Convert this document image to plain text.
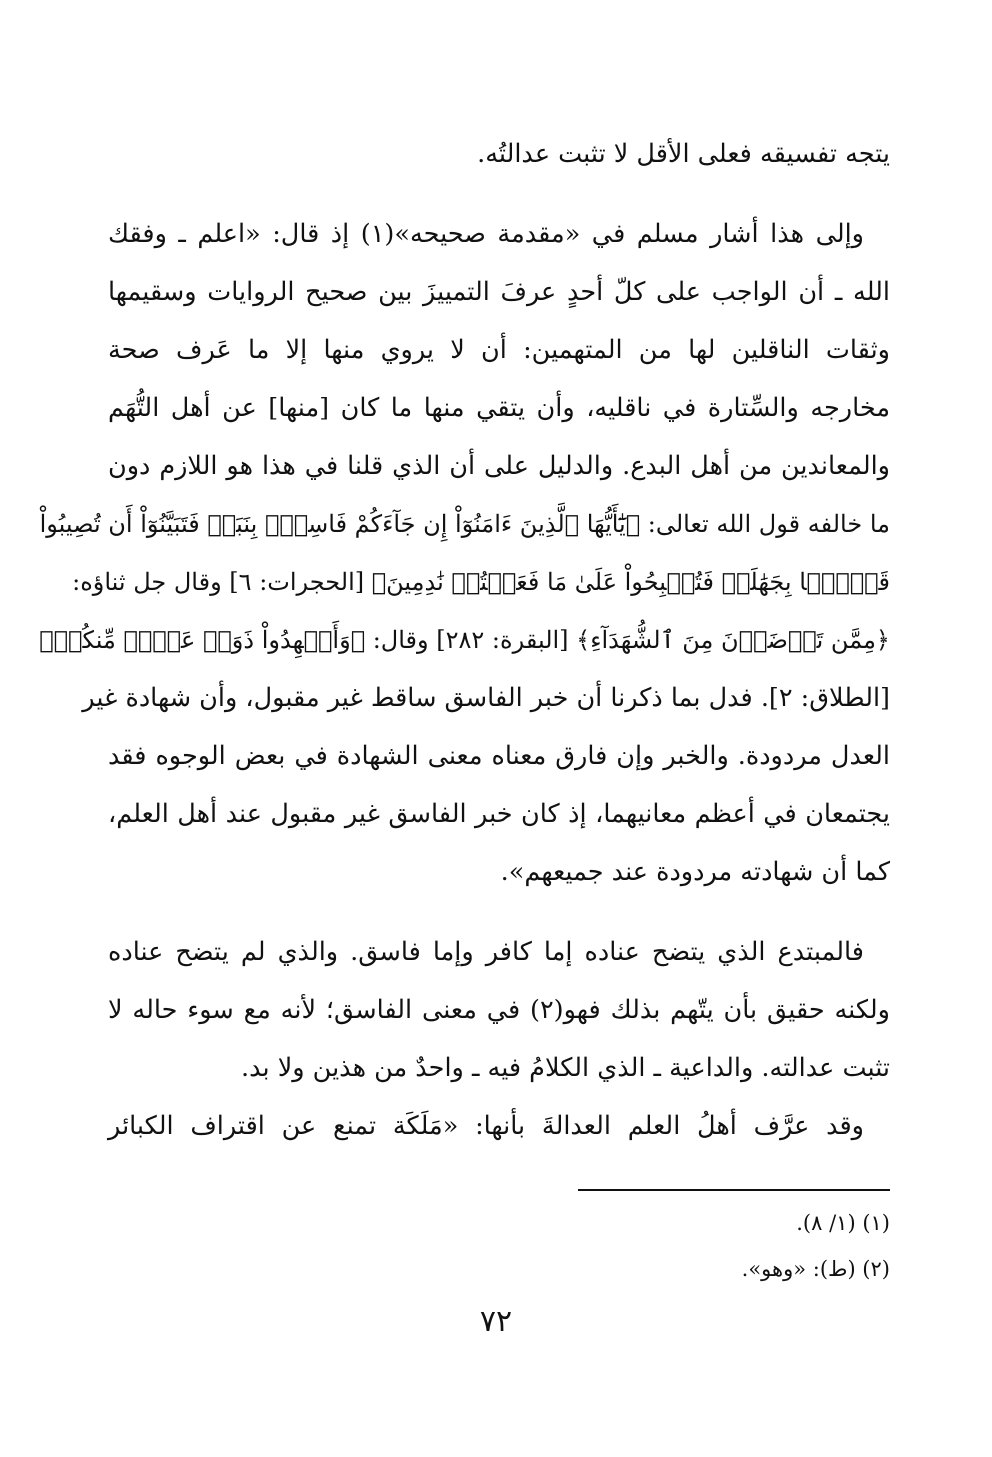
يتجه تفسيقه فعلى الأقل لا تثبت عدالتُه.
وإلى هذا أشار مسلم في «مقدمة صحيحه»(١) إذ قال: «اعلم ـ وفقك
الله ـ أن الواجب على كلّ أحدٍ عرفَ التمييزَ بين صحيح الروايات وسقيمها
وثقات الناقلين لها من المتهمين: أن لا يروي منها إلا ما عَرف صحة
مخارجه والسِّتارة في ناقليه، وأن يتقي منها ما كان [منها] عن أهل التُّهَم
والمعاندين من أهل البدع. والدليل على أن الذي قلنا في هذا هو اللازم دون
ما خالفه قول الله تعالى: ﴿يَٰٓأَيُّهَا ٱلَّذِينَ ءَامَنُوٓاْ إِن جَآءَكُمْ فَاسِقُۢ بِنَبَإٖ فَتَبَيَّنُوٓاْ أَن تُصِيبُواْ
قَوۡمَۢا بِجَهَٰلَةٖ فَتُصۡبِحُواْ عَلَىٰ مَا فَعَلۡتُمۡ نَٰدِمِينَ﴾ [الحجرات: ٦] وقال جل ثناؤه:
﴿مِمَّن تَرۡضَوۡنَ مِنَ ٱلشُّهَدَآءِ﴾ [البقرة: ٢٨٢] وقال: ﴿وَأَشۡهِدُواْ ذَوَيۡ عَدۡلٖ مِّنكُمۡ﴾
[الطلاق: ٢]. فدل بما ذكرنا أن خبر الفاسق ساقط غير مقبول، وأن شهادة غير
العدل مردودة. والخبر وإن فارق معناه معنى الشهادة في بعض الوجوه فقد
يجتمعان في أعظم معانيهما، إذ كان خبر الفاسق غير مقبول عند أهل العلم،
كما أن شهادته مردودة عند جميعهم».
فالمبتدع الذي يتضح عناده إما كافر وإما فاسق. والذي لم يتضح عناده
ولكنه حقيق بأن يتّهم بذلك فهو(٢) في معنى الفاسق؛ لأنه مع سوء حاله لا
تثبت عدالته. والداعية ـ الذي الكلامُ فيه ـ واحدٌ من هذين ولا بد.
وقد عرَّف أهلُ العلم العدالةَ بأنها: «مَلَكَة تمنع عن اقتراف الكبائر
(١) (١/ ٨).
(٢) (ط): «وهو».
٧٢
